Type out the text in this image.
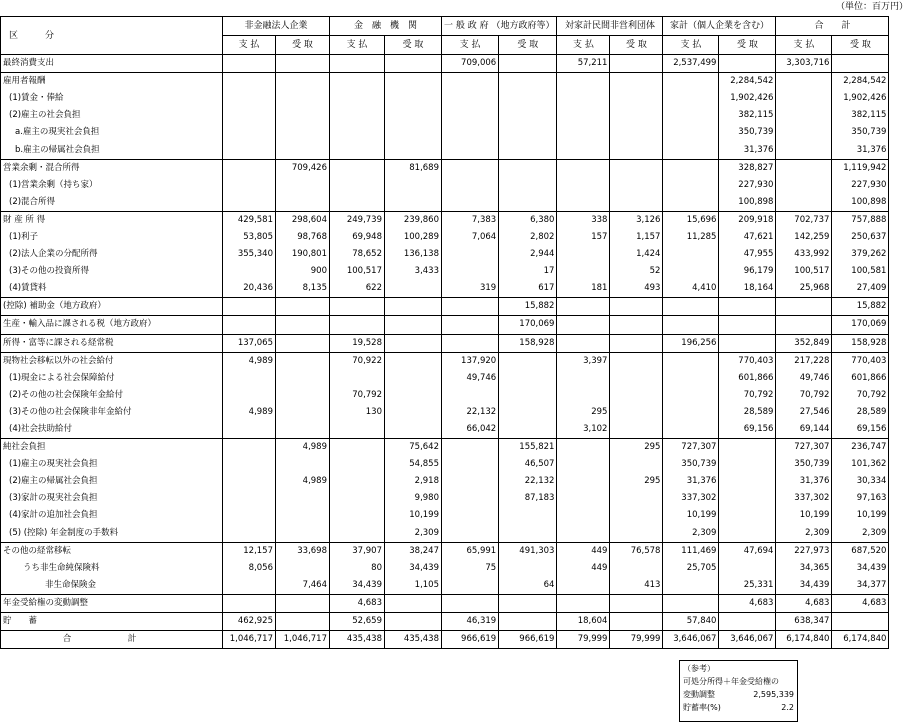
（単位：百万円）
区　　　分	非金融法人企業		金　融　機　関		一 般 政 府 （地方政府等）		対家計民間非営利団体		家計（個人企業を含む）		合　　計	
	支 払	受 取	支 払	受 取	支 払	受 取	支 払	受 取	支 払	受 取	支 払	受 取
最終消費支出					709,006		57,211		2,537,499		3,303,716	
雇用者報酬										2,284,542		2,284,542
(1)賃金・俸給										1,902,426		1,902,426
(2)雇主の社会負担										382,115		382,115
a.雇主の現実社会負担										350,739		350,739
b.雇主の帰属社会負担										31,376		31,376
営業余剰・混合所得		709,426		81,689						328,827		1,119,942
(1)営業余剰（持ち家）										227,930		227,930
(2)混合所得										100,898		100,898
財 産 所 得	429,581	298,604	249,739	239,860	7,383	6,380	338	3,126	15,696	209,918	702,737	757,888
(1)利子	53,805	98,768	69,948	100,289	7,064	2,802	157	1,157	11,285	47,621	142,259	250,637
(2)法人企業の分配所得	355,340	190,801	78,652	136,138		2,944		1,424		47,955	433,992	379,262
(3)その他の投資所得		900	100,517	3,433		17		52		96,179	100,517	100,581
(4)賃貸料	20,436	8,135	622		319	617	181	493	4,410	18,164	25,968	27,409
(控除) 補助金（地方政府）						15,882						15,882
生産・輸入品に課される税（地方政府）						170,069						170,069
所得・富等に課される経常税	137,065		19,528			158,928			196,256		352,849	158,928
現物社会移転以外の社会給付	4,989		70,922		137,920		3,397			770,403	217,228	770,403
(1)現金による社会保障給付					49,746					601,866	49,746	601,866
(2)その他の社会保険年金給付			70,792							70,792	70,792	70,792
(3)その他の社会保険非年金給付	4,989		130		22,132		295			28,589	27,546	28,589
(4)社会扶助給付					66,042		3,102			69,156	69,144	69,156
純社会負担		4,989		75,642		155,821		295	727,307		727,307	236,747
(1)雇主の現実社会負担				54,855		46,507			350,739		350,739	101,362
(2)雇主の帰属社会負担		4,989		2,918		22,132		295	31,376		31,376	30,334
(3)家計の現実社会負担				9,980		87,183			337,302		337,302	97,163
(4)家計の追加社会負担				10,199					10,199		10,199	10,199
(5) (控除) 年金制度の手数料				2,309					2,309		2,309	2,309
その他の経常移転	12,157	33,698	37,907	38,247	65,991	491,303	449	76,578	111,469	47,694	227,973	687,520
うち非生命純保険料	8,056		80	34,439	75		449		25,705		34,365	34,439
非生命保険金		7,464	34,439	1,105		64		413		25,331	34,439	34,377
年金受給権の変動調整			4,683							4,683	4,683	4,683
貯　　蓄	462,925		52,659		46,319		18,604		57,840		638,347	
合　計	1,046,717	1,046,717	435,438	435,438	966,619	966,619	79,999	79,999	3,646,067	3,646,067	6,174,840	6,174,840
（参考）
可処分所得＋年金受給権の
変動調整	2,595,339
貯蓄率(%)	2.2
